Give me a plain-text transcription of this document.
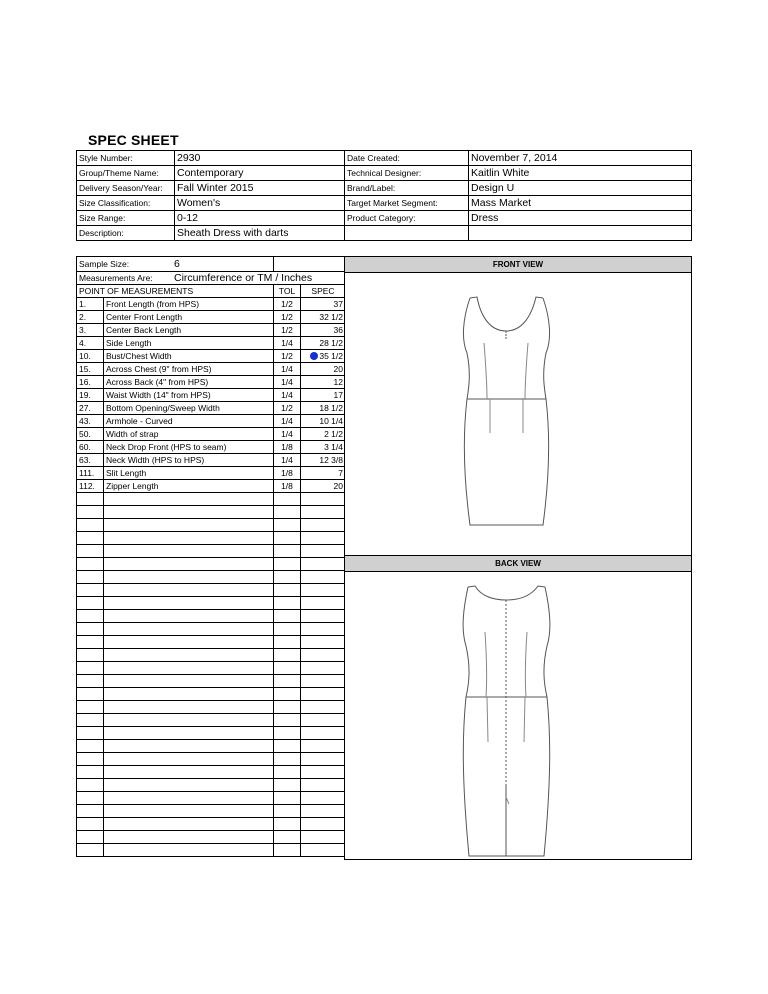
SPEC SHEET
Style Number:	2930	Date Created:	November 7, 2014
Group/Theme Name:	Contemporary	Technical Designer:	Kaitlin White
Delivery Season/Year:	Fall Winter 2015	Brand/Label:	Design U
Size Classification:	Women's	Target Market Segment:	Mass Market
Size Range:	0-12	Product Category:	Dress
Description:	Sheath Dress with darts		
Sample Size: 6			
Measurements Are: Circumference or TM / Inches			
POINT OF MEASUREMENTS		TOL	SPEC
1.	Front Length (from HPS)	1/2	37
2.	Center Front Length	1/2	32 1/2
3.	Center Back Length	1/2	36
4.	Side Length	1/4	28 1/2
10.	Bust/Chest Width	1/2	35 1/2
15.	Across Chest (9" from HPS)	1/4	20
16.	Across Back (4" from HPS)	1/4	12
19.	Waist Width (14" from HPS)	1/4	17
27.	Bottom Opening/Sweep Width	1/2	18 1/2
43.	Armhole - Curved	1/4	10 1/4
50.	Width of strap	1/4	2 1/2
60.	Neck Drop Front (HPS to seam)	1/8	3 1/4
63.	Neck Width (HPS to HPS)	1/4	12 3/8
111.	Slit Length	1/8	7
112.	Zipper Length	1/8	20

FRONT VIEW
BACK VIEW
